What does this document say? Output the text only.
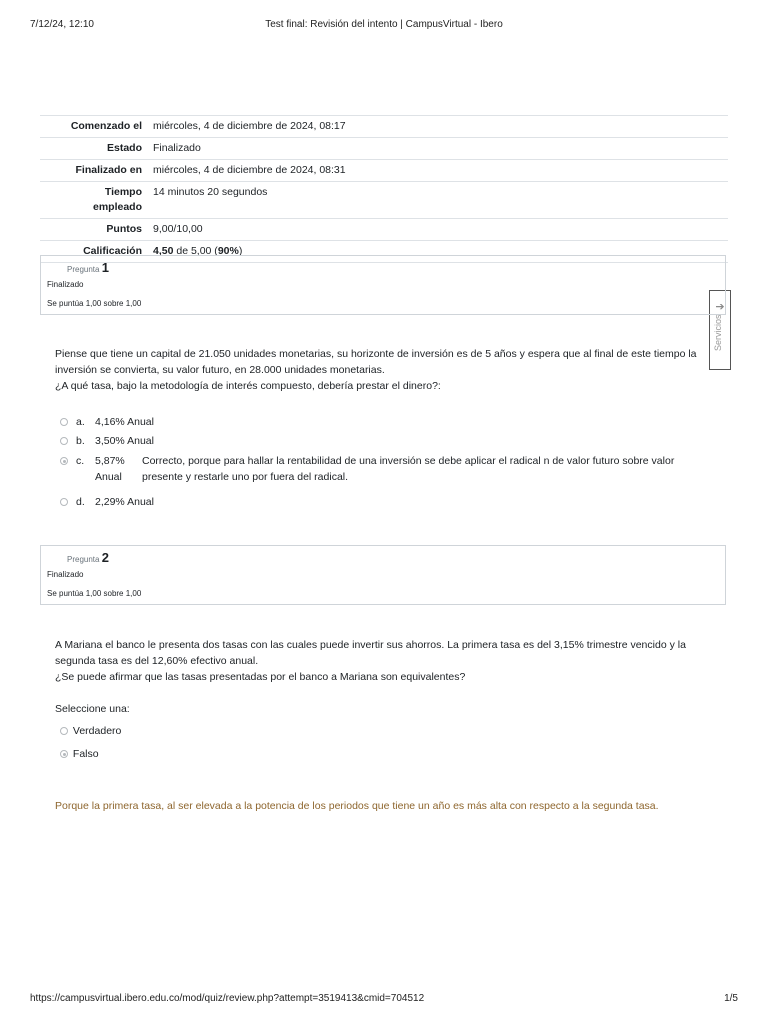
7/12/24, 12:10	Test final: Revisión del intento | CampusVirtual - Ibero
Comenzado el	miércoles, 4 de diciembre de 2024, 08:17
Estado	Finalizado
Finalizado en	miércoles, 4 de diciembre de 2024, 08:31
Tiempo
empleado	14 minutos 20 segundos
Puntos	9,00/10,00
Calificación	4,50 de 5,00 (90%)
➔
Servicios
Pregunta 1
Finalizado
Se puntúa 1,00 sobre 1,00

Piense que tiene un capital de 21.050 unidades monetarias, su horizonte de inversión es de 5 años y espera que al final de este tiempo la inversión se convierta, su valor futuro, en 28.000 unidades monetarias.

¿A qué tasa, bajo la metodología de interés compuesto, debería prestar el dinero?:

a. 4,16% Anual
b. 3,50% Anual
c. 5,87%
Anual
Correcto, porque para hallar la rentabilidad de una inversión se debe aplicar el radical n de valor futuro sobre valor presente y restarle uno por fuera del radical.
d. 2,29% Anual
Pregunta 2
Finalizado
Se puntúa 1,00 sobre 1,00

A Mariana el banco le presenta dos tasas con las cuales puede invertir sus ahorros. La primera tasa es del 3,15% trimestre vencido y la segunda tasa es del 12,60% efectivo anual.

¿Se puede afirmar que las tasas presentadas por el banco a Mariana son equivalentes?

Seleccione una:
Verdadero
Falso
Porque la primera tasa, al ser elevada a la potencia de los periodos que tiene un año es más alta con respecto a la segunda tasa.
https://campusvirtual.ibero.edu.co/mod/quiz/review.php?attempt=3519413&cmid=704512	1/5
